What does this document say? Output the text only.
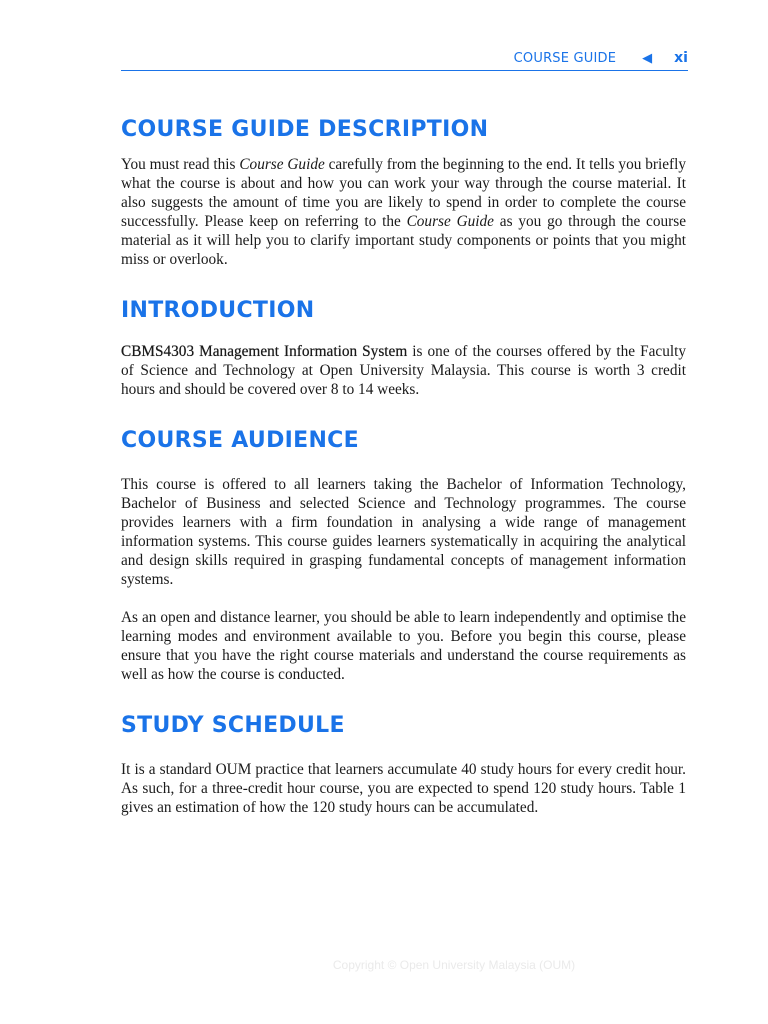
COURSE GUIDE ◀ xi
COURSE GUIDE DESCRIPTION

You must read this Course Guide carefully from the beginning to the end. It tells you briefly what the course is about and how you can work your way through the course material. It also suggests the amount of time you are likely to spend in order to complete the course successfully. Please keep on referring to the Course Guide as you go through the course material as it will help you to clarify important study components or points that you might miss or overlook.

INTRODUCTION

CBMS4303 Management Information System is one of the courses offered by the Faculty of Science and Technology at Open University Malaysia. This course is worth 3 credit hours and should be covered over 8 to 14 weeks.

COURSE AUDIENCE

This course is offered to all learners taking the Bachelor of Information Technology, Bachelor of Business and selected Science and Technology programmes. The course provides learners with a firm foundation in analysing a wide range of management information systems. This course guides learners systematically in acquiring the analytical and design skills required in grasping fundamental concepts of management information systems.

As an open and distance learner, you should be able to learn independently and optimise the learning modes and environment available to you. Before you begin this course, please ensure that you have the right course materials and understand the course requirements as well as how the course is conducted.

STUDY SCHEDULE

It is a standard OUM practice that learners accumulate 40 study hours for every credit hour. As such, for a three-credit hour course, you are expected to spend 120 study hours. Table 1 gives an estimation of how the 120 study hours can be accumulated.

Copyright © Open University Malaysia (OUM)
